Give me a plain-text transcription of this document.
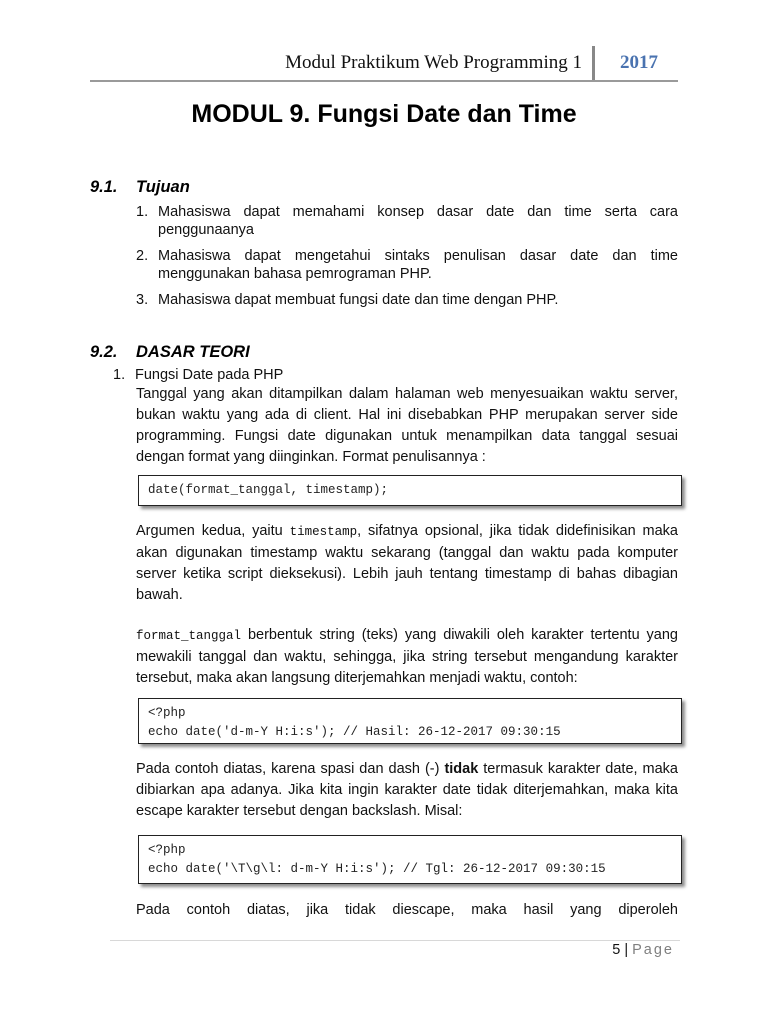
Modul Praktikum Web Programming 1 2017
MODUL 9. Fungsi Date dan Time
9.1. Tujuan
1. Mahasiswa dapat memahami konsep dasar date dan time serta cara penggunaanya
2. Mahasiswa dapat mengetahui sintaks penulisan dasar date dan time menggunakan bahasa pemrograman PHP.
3. Mahasiswa dapat membuat fungsi date dan time dengan PHP.
9.2. DASAR TEORI
1. Fungsi Date pada PHP

Tanggal yang akan ditampilkan dalam halaman web menyesuaikan waktu server, bukan waktu yang ada di client. Hal ini disebabkan PHP merupakan server side programming. Fungsi date digunakan untuk menampilkan data tanggal sesuai dengan format yang diinginkan. Format penulisannya :

date(format_tanggal, timestamp);

Argumen kedua, yaitu timestamp, sifatnya opsional, jika tidak didefinisikan maka akan digunakan timestamp waktu sekarang (tanggal dan waktu pada komputer server ketika script dieksekusi). Lebih jauh tentang timestamp di bahas dibagian bawah.

format_tanggal berbentuk string (teks) yang diwakili oleh karakter tertentu yang mewakili tanggal dan waktu, sehingga, jika string tersebut mengandung karakter tersebut, maka akan langsung diterjemahkan menjadi waktu, contoh:

<?php
echo date('d-m-Y H:i:s'); // Hasil: 26-12-2017 09:30:15

Pada contoh diatas, karena spasi dan dash (-) tidak termasuk karakter date, maka dibiarkan apa adanya. Jika kita ingin karakter date tidak diterjemahkan, maka kita escape karakter tersebut dengan backslash. Misal:

<?php
echo date('\T\g\l: d-m-Y H:i:s'); // Tgl: 26-12-2017 09:30:15

Pada contoh diatas, jika tidak diescape, maka hasil yang diperoleh

5 | Page
